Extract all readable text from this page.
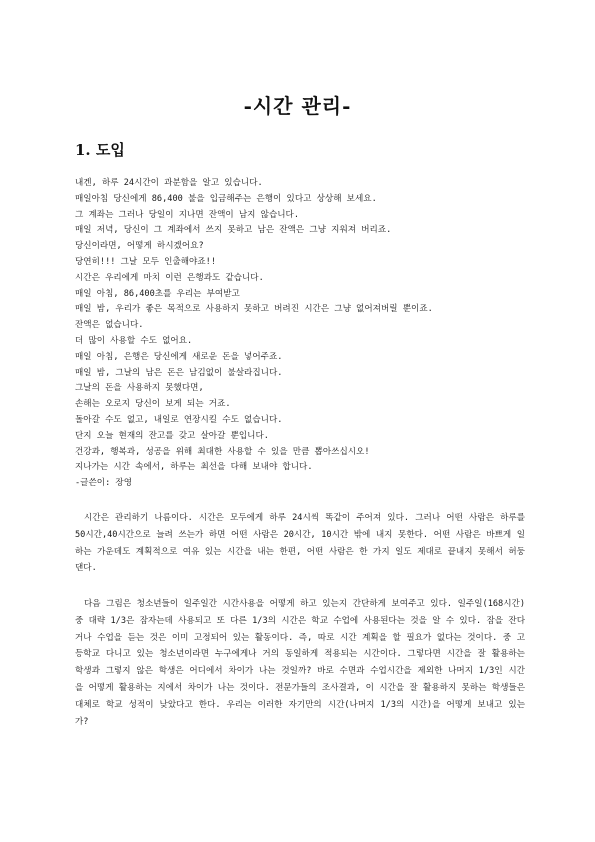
-시간 관리-
1. 도입
내겐, 하루 24시간이 과분함을 알고 있습니다.
매일아침 당신에게 86,400 불을 입금해주는 은행이 있다고 상상해 보세요.
그 계좌는 그러나 당일이 지나면 잔액이 남지 않습니다.
매일 저녁, 당신이 그 계좌에서 쓰지 못하고 남은 잔액은 그냥 지워져 버리죠.
당신이라면, 어떻게 하시겠어요?
당연히!!! 그날 모두 인출해야죠!!
시간은 우리에게 마치 이런 은행과도 같습니다.
매일 아침, 86,400초를 우리는 부여받고
매일 밤, 우리가 좋은 목적으로 사용하지 못하고 버려진 시간은 그냥 없어져버릴 뿐이죠.
잔액은 없습니다.
더 많이 사용할 수도 없어요.
매일 아침, 은행은 당신에게 새로운 돈을 넣어주죠.
매일 밤, 그날의 남은 돈은 남김없이 불살라집니다.
그날의 돈을 사용하지 못했다면,
손해는 오로지 당신이 보게 되는 거죠.
돌아갈 수도 없고, 내일로 연장시킬 수도 없습니다.
단지 오늘 현재의 잔고를 갖고 살아갈 뿐입니다.
건강과, 행복과, 성공을 위해 최대한 사용할 수 있을 만큼 뽑아쓰십시오!
지나가는 시간 속에서, 하루는 최선을 다해 보내야 합니다.
-글쓴이: 장영
시간은 관리하기 나름이다. 시간은 모두에게 하루 24시씩 똑같이 주어져 있다. 그러나 어떤 사람은 하루를 50시간,40시간으로 늘려 쓰는가 하면 어떤 사람은 20시간, 10시간 밖에 내지 못한다. 어떤 사람은 바쁘게 일하는 가운데도 계획적으로 여유 있는 시간을 내는 한편, 어떤 사람은 한 가지 일도 제대로 끝내지 못해서 허둥댄다.
다음 그림은 청소년들이 일주일간 시간사용을 어떻게 하고 있는지 간단하게 보여주고 있다. 일주일(168시간) 중 대략 1/3은 잠자는데 사용되고 또 다른 1/3의 시간은 학교 수업에 사용된다는 것을 알 수 있다. 잠을 잔다거나 수업을 듣는 것은 이미 고정되어 있는 활동이다. 즉, 따로 시간 계획을 할 필요가 없다는 것이다. 중 고등학교 다니고 있는 청소년이라면 누구에게나 거의 동일하게 적용되는 시간이다. 그렇다면 시간을 잘 활용하는 학생과 그렇지 않은 학생은 어디에서 차이가 나는 것일까? 바로 수면과 수업시간을 제외한 나머지 1/3인 시간을 어떻게 활용하는 지에서 차이가 나는 것이다. 전문가들의 조사결과, 이 시간을 잘 활용하지 못하는 학생들은 대체로 학교 성적이 낮았다고 한다. 우리는 이러한 자기만의 시간(나머지 1/3의 시간)을 어떻게 보내고 있는가?
